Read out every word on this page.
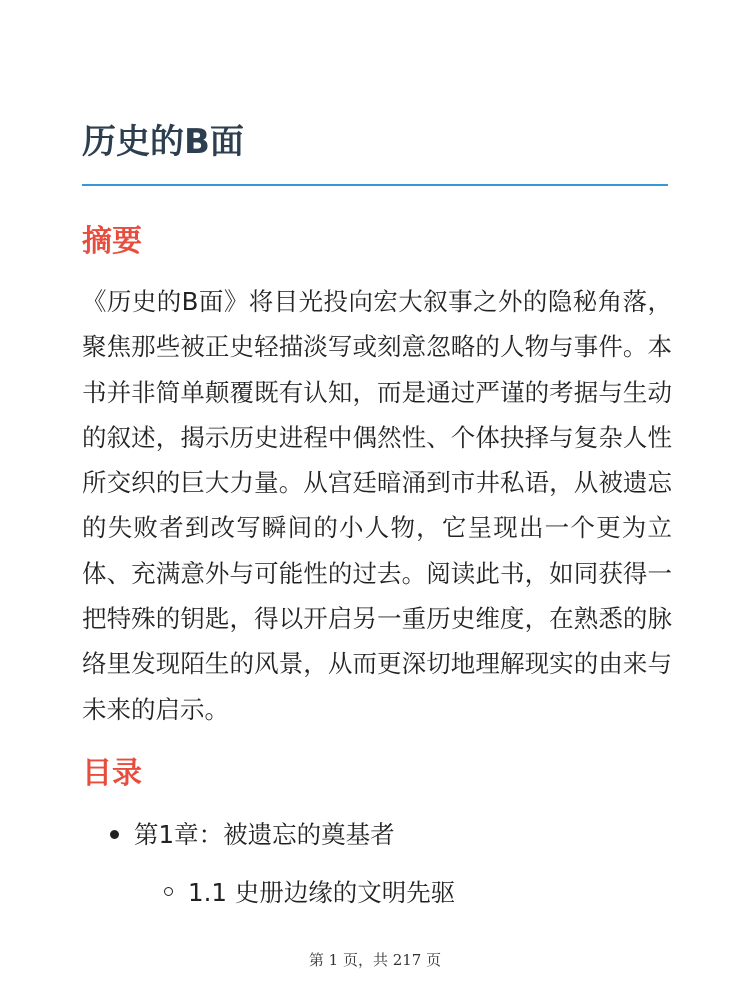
历史的B面
摘要

《历史的B面》将目光投向宏大叙事之外的隐秘角落，聚焦那些被正史轻描淡写或刻意忽略的人物与事件。本书并非简单颠覆既有认知，而是通过严谨的考据与生动的叙述，揭示历史进程中偶然性、个体抉择与复杂人性所交织的巨大力量。从宫廷暗涌到市井私语，从被遗忘的失败者到改写瞬间的小人物，它呈现出一个更为立体、充满意外与可能性的过去。阅读此书，如同获得一把特殊的钥匙，得以开启另一重历史维度，在熟悉的脉络里发现陌生的风景，从而更深切地理解现实的由来与未来的启示。

目录

第1章：被遗忘的奠基者

1.1 史册边缘的文明先驱

第 1 页，共 217 页
